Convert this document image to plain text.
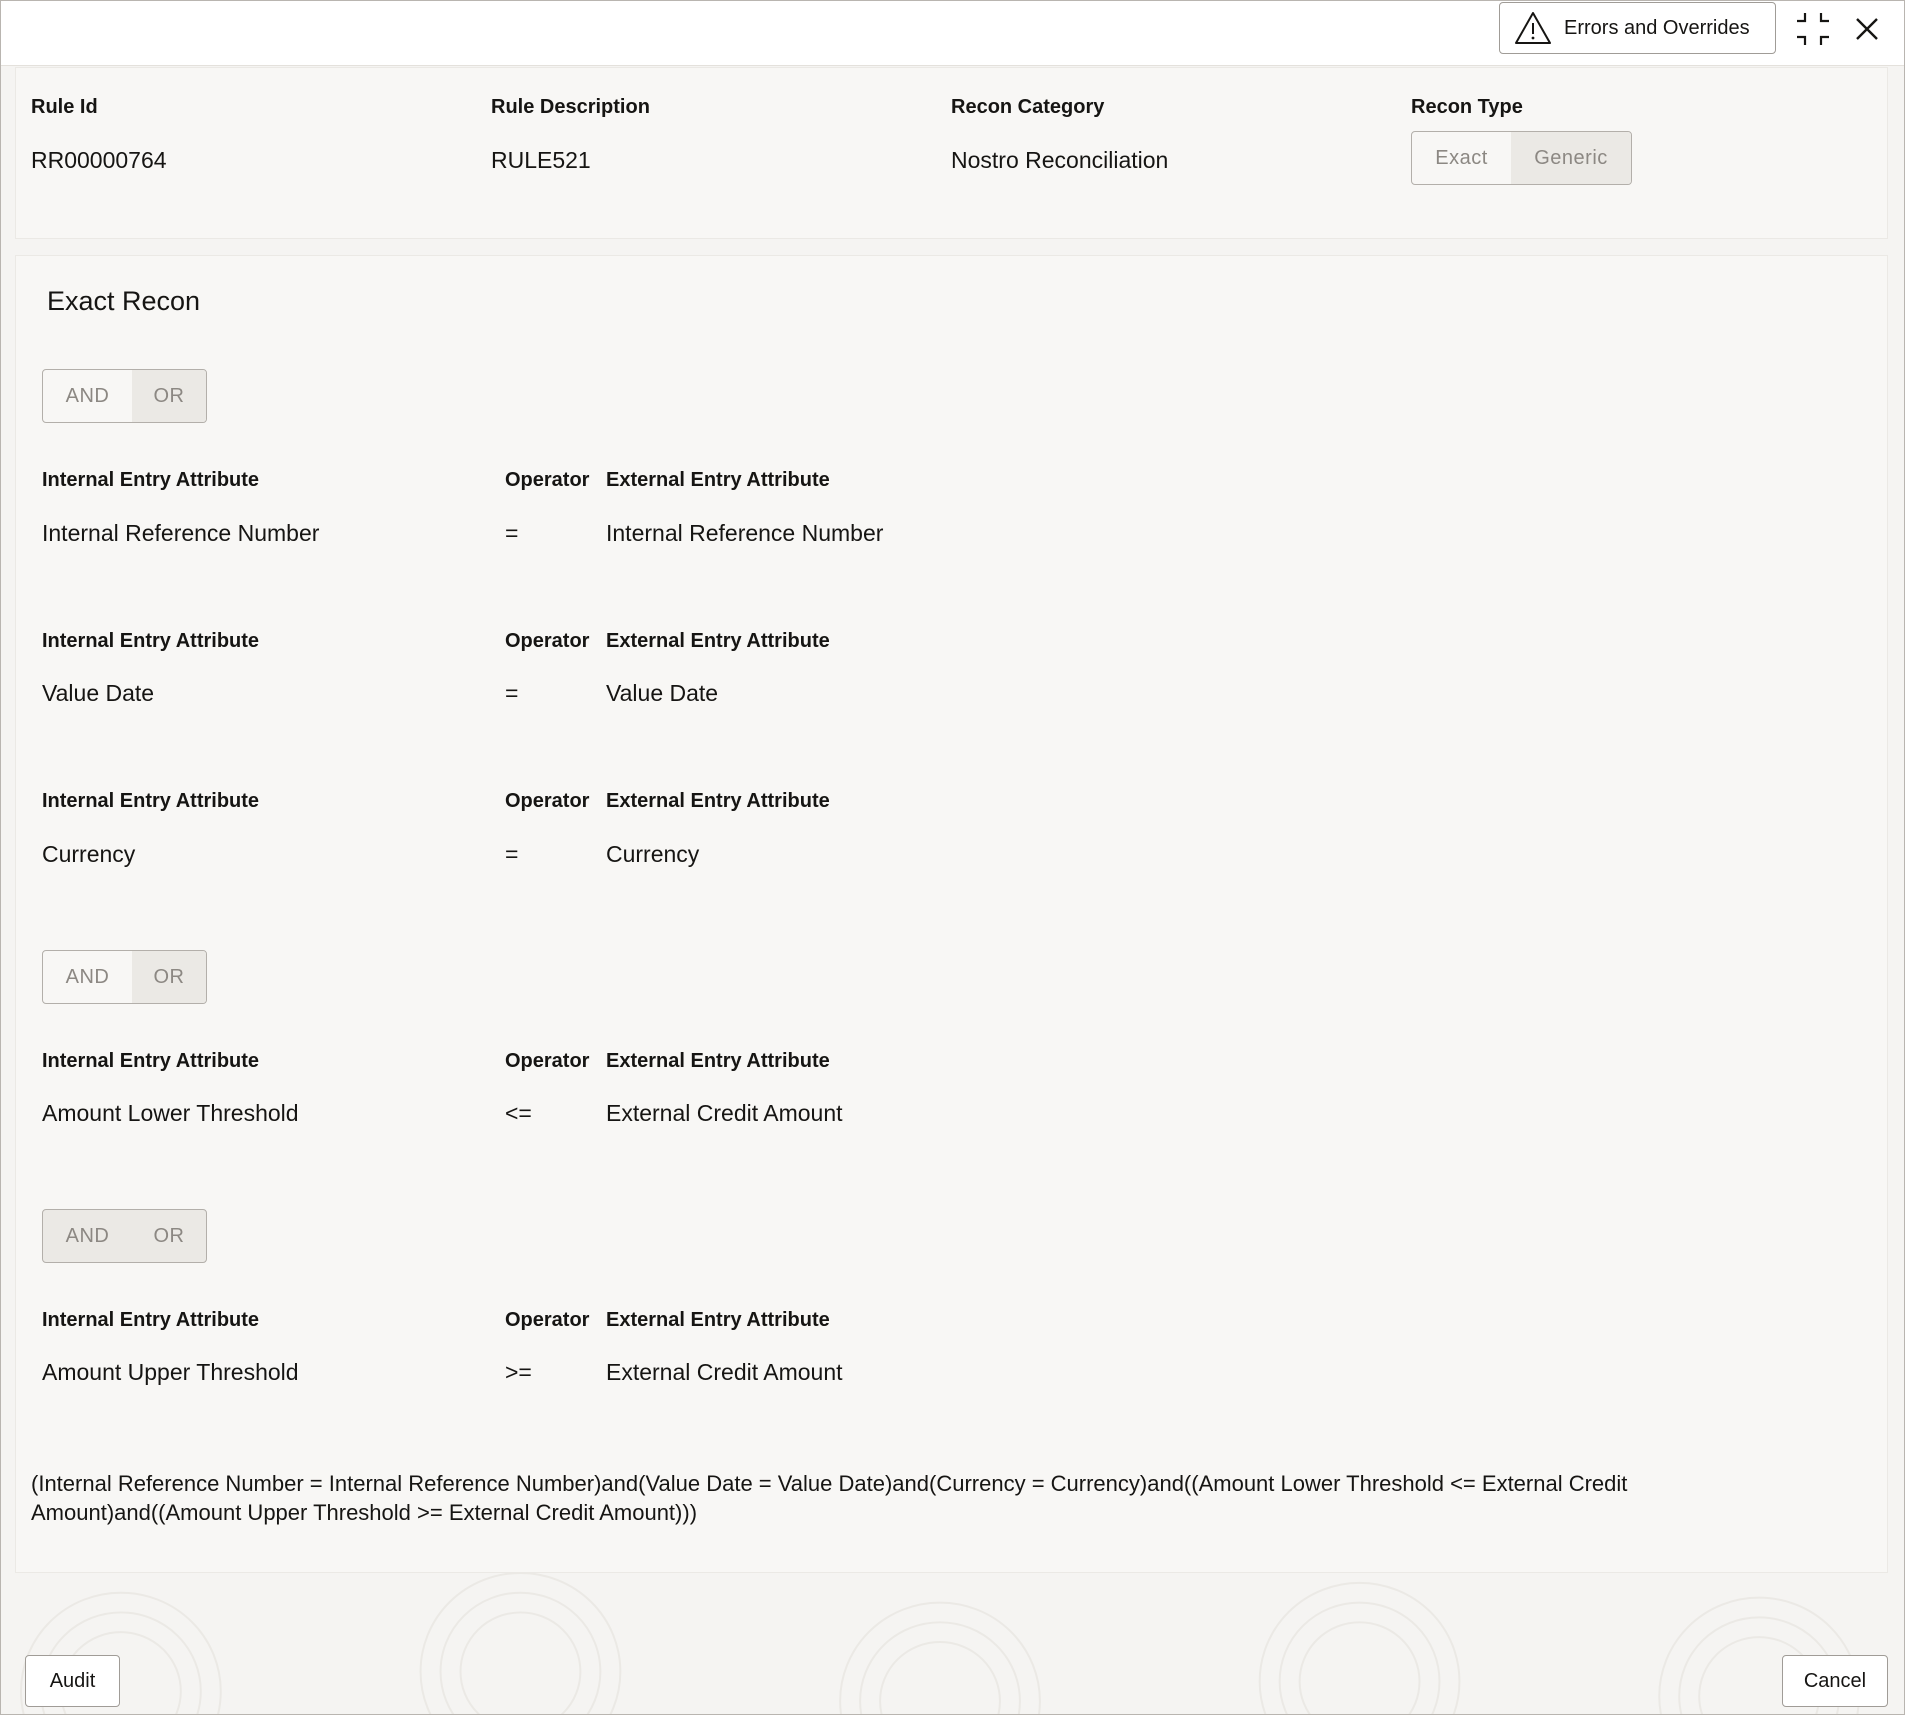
Errors and Overrides
Rule Id
RR00000764
Rule Description
RULE521
Recon Category
Nostro Reconciliation
Recon Type
Exact	Generic
Exact Recon
AND	OR
Internal Entry Attribute	Operator External Entry Attribute
Internal Reference Number	=	Internal Reference Number
Internal Entry Attribute	Operator External Entry Attribute
Value Date	=	Value Date
Internal Entry Attribute	Operator External Entry Attribute
Currency	=	Currency
AND	OR
Internal Entry Attribute	Operator External Entry Attribute
Amount Lower Threshold	<=	External Credit Amount
AND	OR
Internal Entry Attribute	Operator External Entry Attribute
Amount Upper Threshold	>=	External Credit Amount
(Internal Reference Number = Internal Reference Number)and(Value Date = Value Date)and(Currency = Currency)and((Amount Lower Threshold <= External Credit Amount)and((Amount Upper Threshold >= External Credit Amount)))
Audit	Cancel
